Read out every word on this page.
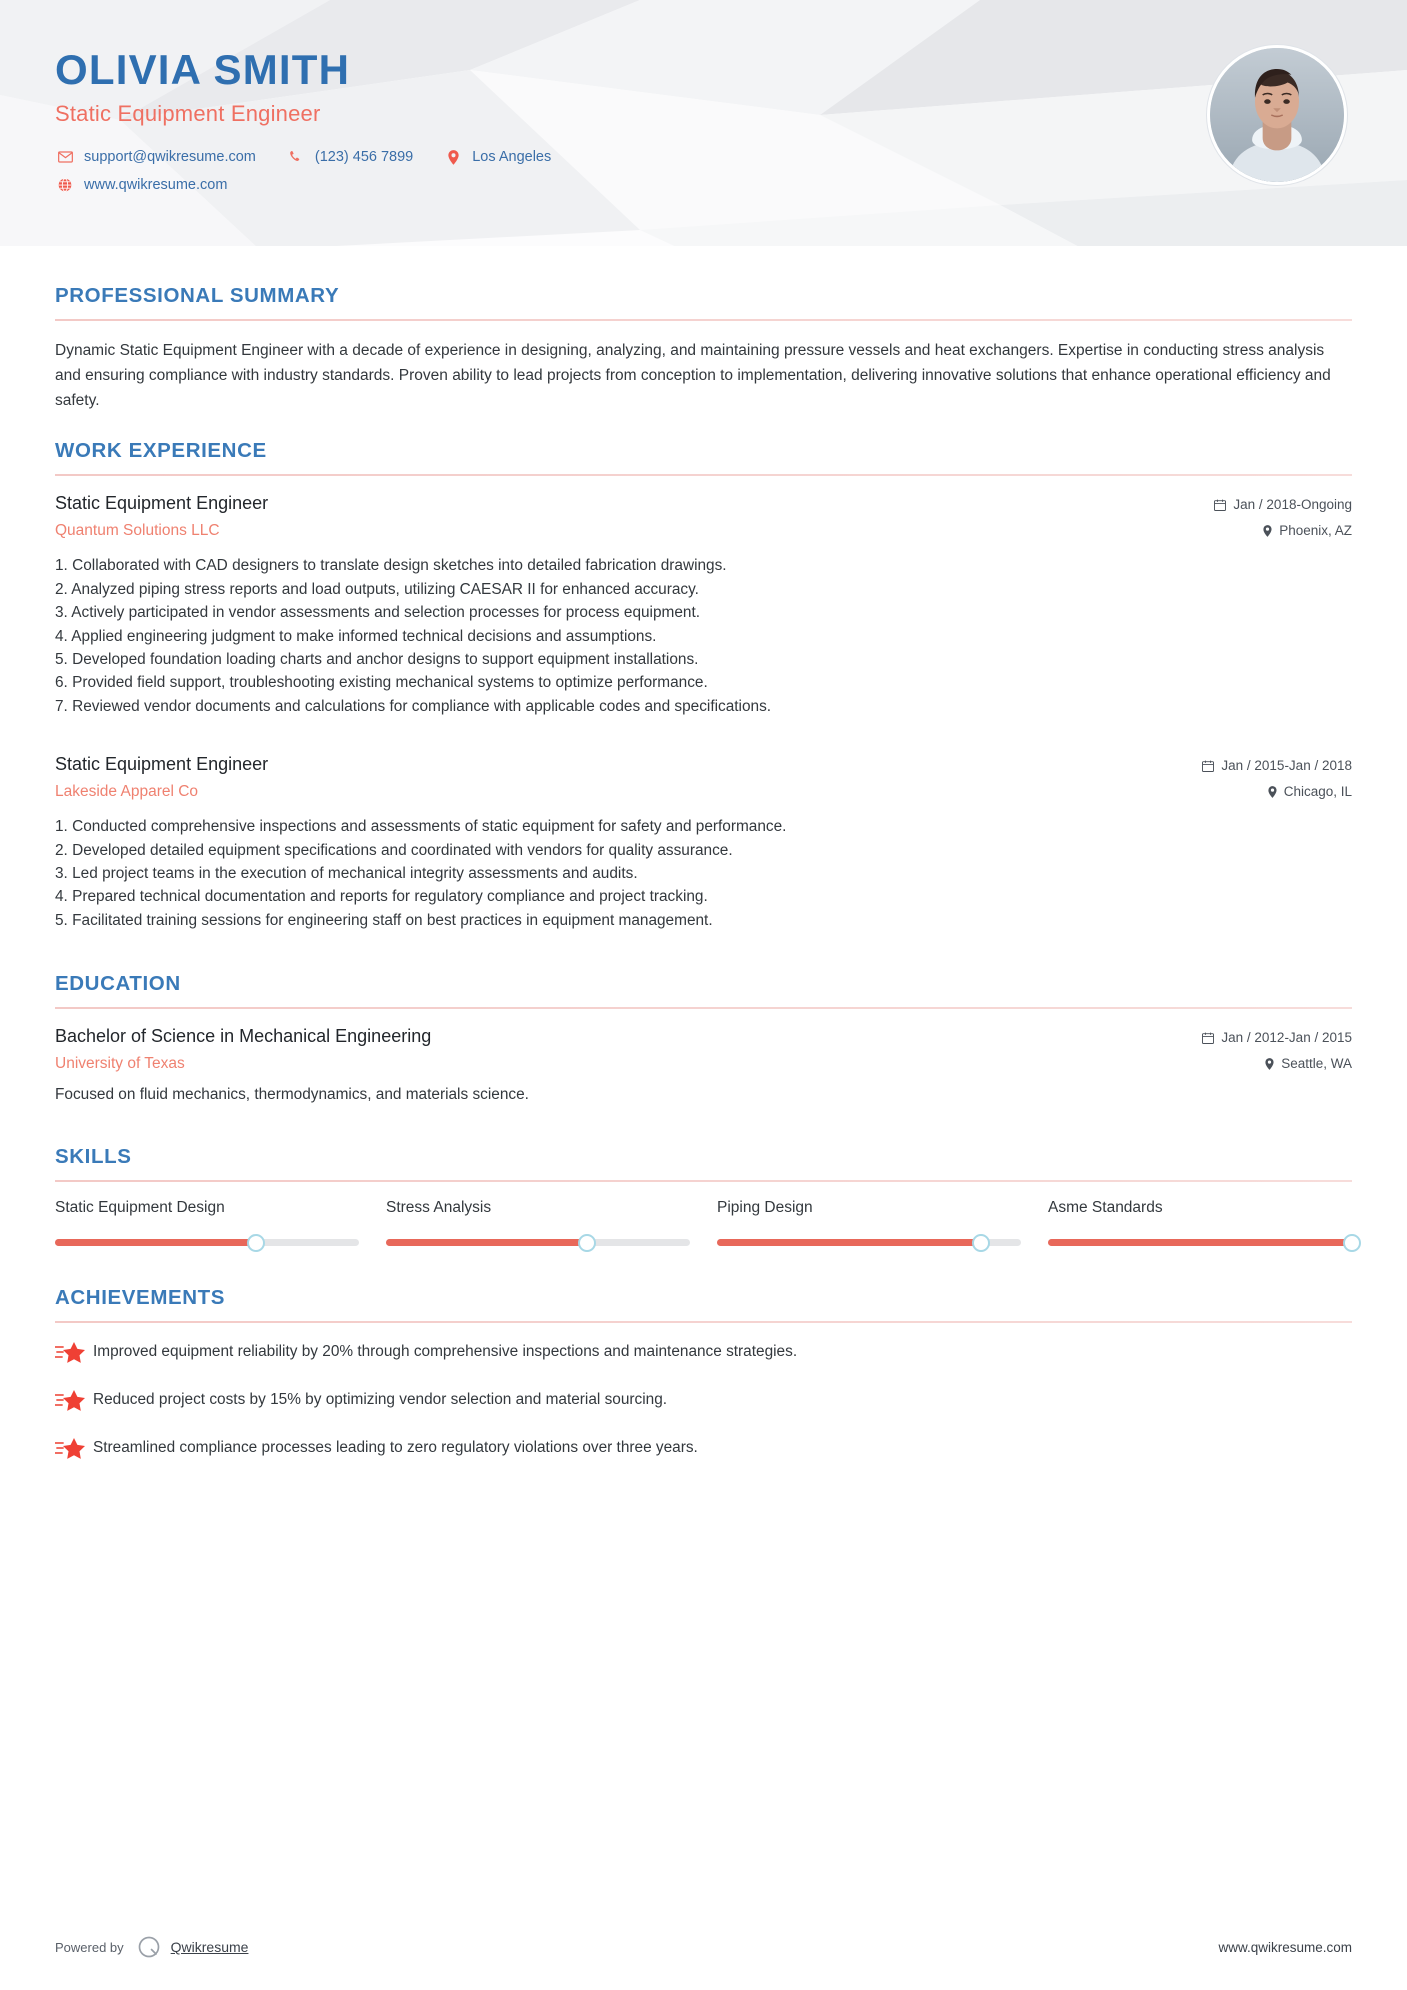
OLIVIA SMITH
Static Equipment Engineer
support@qwikresume.com	(123) 456 7899	Los Angeles
www.qwikresume.com
PROFESSIONAL SUMMARY
Dynamic Static Equipment Engineer with a decade of experience in designing, analyzing, and maintaining pressure vessels and heat exchangers. Expertise in conducting stress analysis and ensuring compliance with industry standards. Proven ability to lead projects from conception to implementation, delivering innovative solutions that enhance operational efficiency and safety.
WORK EXPERIENCE
Static Equipment Engineer
Quantum Solutions LLC
Jan / 2018-Ongoing
Phoenix, AZ
1. Collaborated with CAD designers to translate design sketches into detailed fabrication drawings.
2. Analyzed piping stress reports and load outputs, utilizing CAESAR II for enhanced accuracy.
3. Actively participated in vendor assessments and selection processes for process equipment.
4. Applied engineering judgment to make informed technical decisions and assumptions.
5. Developed foundation loading charts and anchor designs to support equipment installations.
6. Provided field support, troubleshooting existing mechanical systems to optimize performance.
7. Reviewed vendor documents and calculations for compliance with applicable codes and specifications.
Static Equipment Engineer
Lakeside Apparel Co
Jan / 2015-Jan / 2018
Chicago, IL
1. Conducted comprehensive inspections and assessments of static equipment for safety and performance.
2. Developed detailed equipment specifications and coordinated with vendors for quality assurance.
3. Led project teams in the execution of mechanical integrity assessments and audits.
4. Prepared technical documentation and reports for regulatory compliance and project tracking.
5. Facilitated training sessions for engineering staff on best practices in equipment management.
EDUCATION
Bachelor of Science in Mechanical Engineering
University of Texas
Jan / 2012-Jan / 2015
Seattle, WA
Focused on fluid mechanics, thermodynamics, and materials science.
SKILLS
Static Equipment Design	Stress Analysis	Piping Design	Asme Standards
ACHIEVEMENTS
Improved equipment reliability by 20% through comprehensive inspections and maintenance strategies.
Reduced project costs by 15% by optimizing vendor selection and material sourcing.
Streamlined compliance processes leading to zero regulatory violations over three years.
Powered by	Qwikresume	www.qwikresume.com
